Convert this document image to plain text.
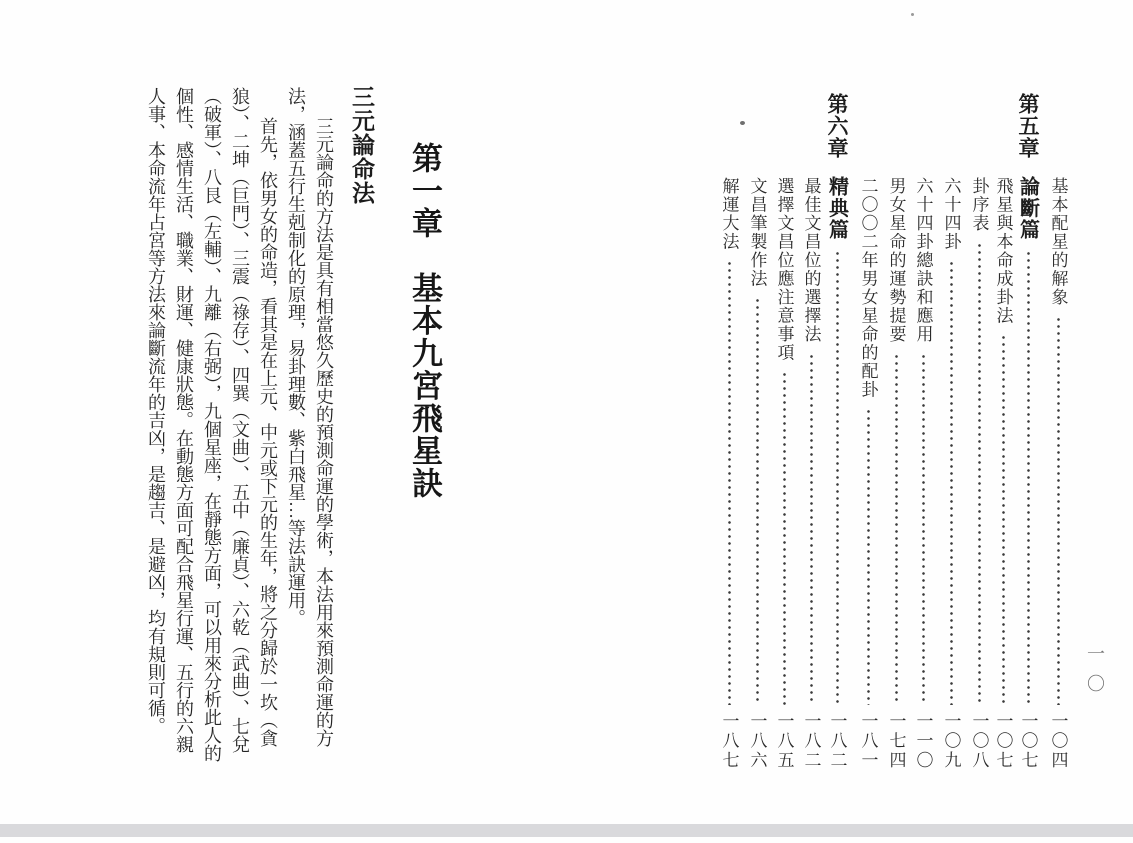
基本配星的解象
一〇四
第五章
論斷篇
一〇七
飛星與本命成卦法
一〇七
卦序表
一〇八
六十四卦
一〇九
六十四卦總訣和應用
一一〇
男女星命的運勢提要
一七四
二〇〇二年男女星命的配卦
一八一
第六章
精典篇
一八二
最佳文昌位的選擇法
一八二
選擇文昌位應注意事項
一八五
文昌筆製作法
一八六
解運大法
一八七
一〇
第一章　基本九宮飛星訣
三元論命法

三元論命的方法是具有相當悠久歷史的預測命運的學術，本法用來預測命運的方法，涵蓋五行生剋制化的原理，易卦理數、紫白飛星…等法訣運用。

首先，依男女的命造，看其是在上元、中元或下元的生年，將之分歸於一坎（貪狼）、二坤（巨門）、三震（祿存）、四巽（文曲）、五中（廉貞）、六乾（武曲）、七兌（破軍）、八艮（左輔）、九離（右弼），九個星座，在靜態方面，可以用來分析此人的個性、感情生活、職業、財運、健康狀態。在動態方面可配合飛星行運、五行的六親人事、本命流年占宮等方法來論斷流年的吉凶，是趨吉、是避凶，均有規則可循。
